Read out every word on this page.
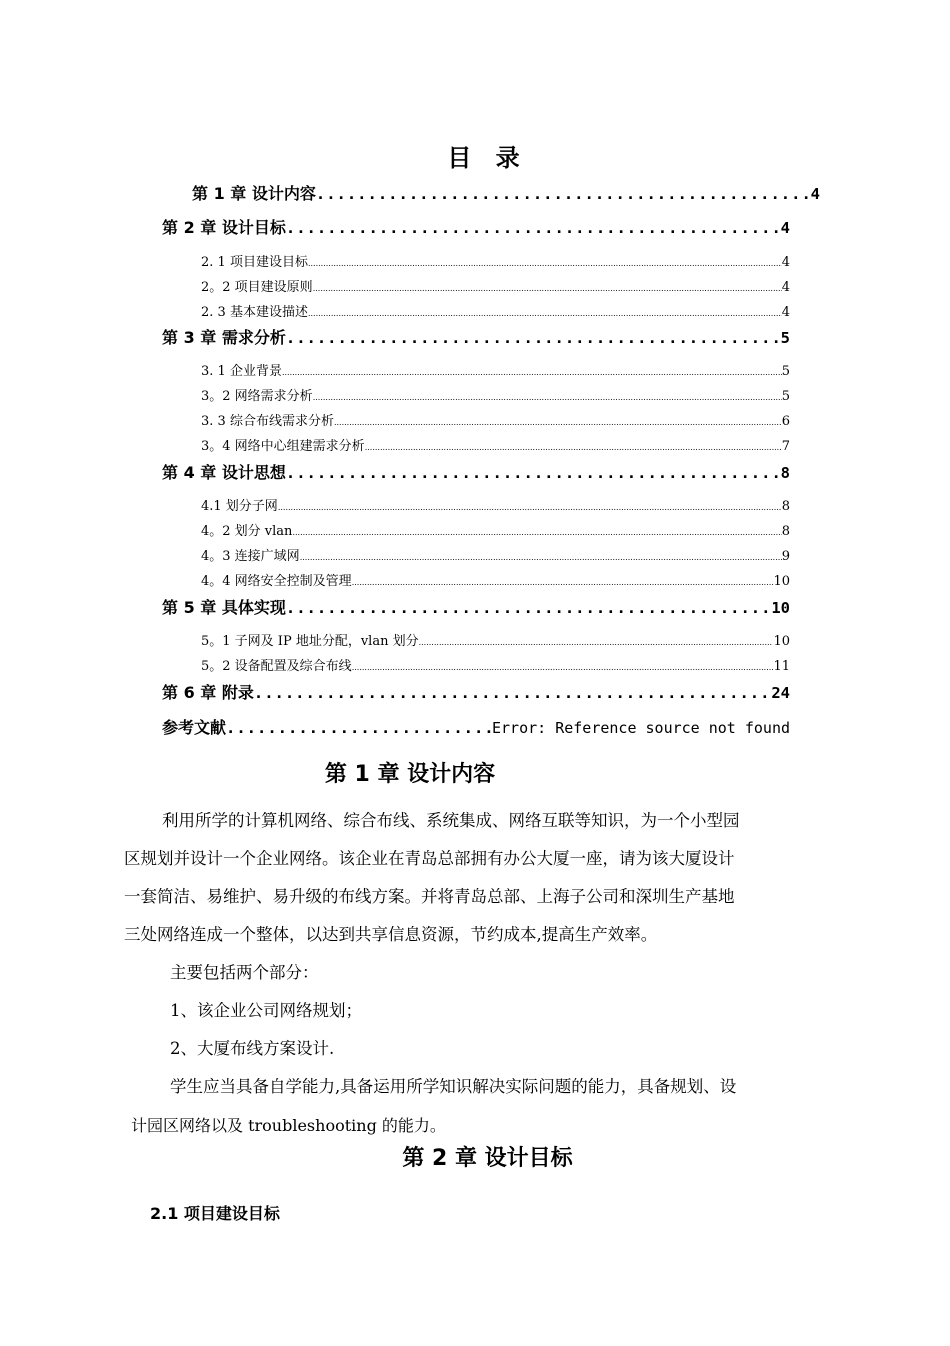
目 录
第 1 章 设计内容 .....	4
第 2 章 设计目标 .....	4
2. 1 项目建设目标 .....	4
2。2 项目建设原则 .....	4
2. 3 基本建设描述 .....	4
第 3 章 需求分析 .....	5
3. 1 企业背景 .....	5
3。2 网络需求分析 .....	5
3. 3 综合布线需求分析 .....	6
3。4 网络中心组建需求分析 .....	7
第 4 章 设计思想 .....	8
4.1 划分子网 .....	8
4。2 划分 vlan .....	8
4。3 连接广域网 .....	9
4。4 网络安全控制及管理 .....	10
第 5 章 具体实现 .....	10
5。1 子网及 IP 地址分配，vlan 划分 .....	10
5。2 设备配置及综合布线 .....	11
第 6 章 附录 .....	24
参考文献 .....	Error: Reference source not found
第 1 章 设计内容
利用所学的计算机网络、综合布线、系统集成、网络互联等知识，为一个小型园
区规划并设计一个企业网络。该企业在青岛总部拥有办公大厦一座，请为该大厦设计
一套简洁、易维护、易升级的布线方案。并将青岛总部、上海子公司和深圳生产基地
三处网络连成一个整体，以达到共享信息资源，节约成本,提高生产效率。
主要包括两个部分：
1、该企业公司网络规划；
2、大厦布线方案设计.
学生应当具备自学能力,具备运用所学知识解决实际问题的能力，具备规划、设
计园区网络以及 troubleshooting 的能力。
第 2 章 设计目标
2.1 项目建设目标
